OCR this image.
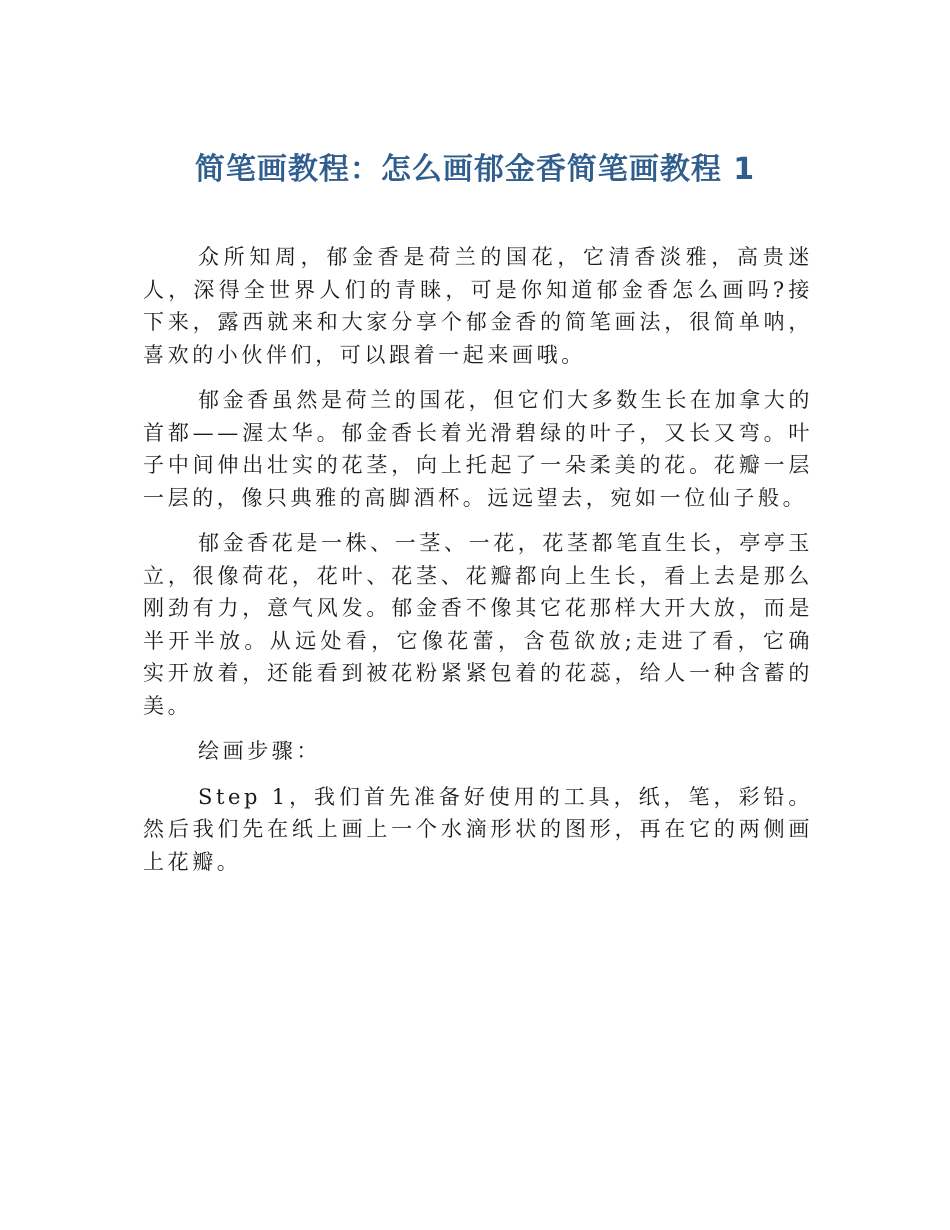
简笔画教程：怎么画郁金香简笔画教程 1

众所知周，郁金香是荷兰的国花，它清香淡雅，高贵迷人，深得全世界人们的青睐，可是你知道郁金香怎么画吗?接下来，露西就来和大家分享个郁金香的简笔画法，很简单呐，喜欢的小伙伴们，可以跟着一起来画哦。

郁金香虽然是荷兰的国花，但它们大多数生长在加拿大的首都——渥太华。郁金香长着光滑碧绿的叶子，又长又弯。叶子中间伸出壮实的花茎，向上托起了一朵柔美的花。花瓣一层一层的，像只典雅的高脚酒杯。远远望去，宛如一位仙子般。

郁金香花是一株、一茎、一花，花茎都笔直生长，亭亭玉立，很像荷花，花叶、花茎、花瓣都向上生长，看上去是那么刚劲有力，意气风发。郁金香不像其它花那样大开大放，而是半开半放。从远处看，它像花蕾，含苞欲放;走进了看，它确实开放着，还能看到被花粉紧紧包着的花蕊，给人一种含蓄的美。

绘画步骤：

Step 1，我们首先准备好使用的工具，纸，笔，彩铅。然后我们先在纸上画上一个水滴形状的图形，再在它的两侧画上花瓣。
